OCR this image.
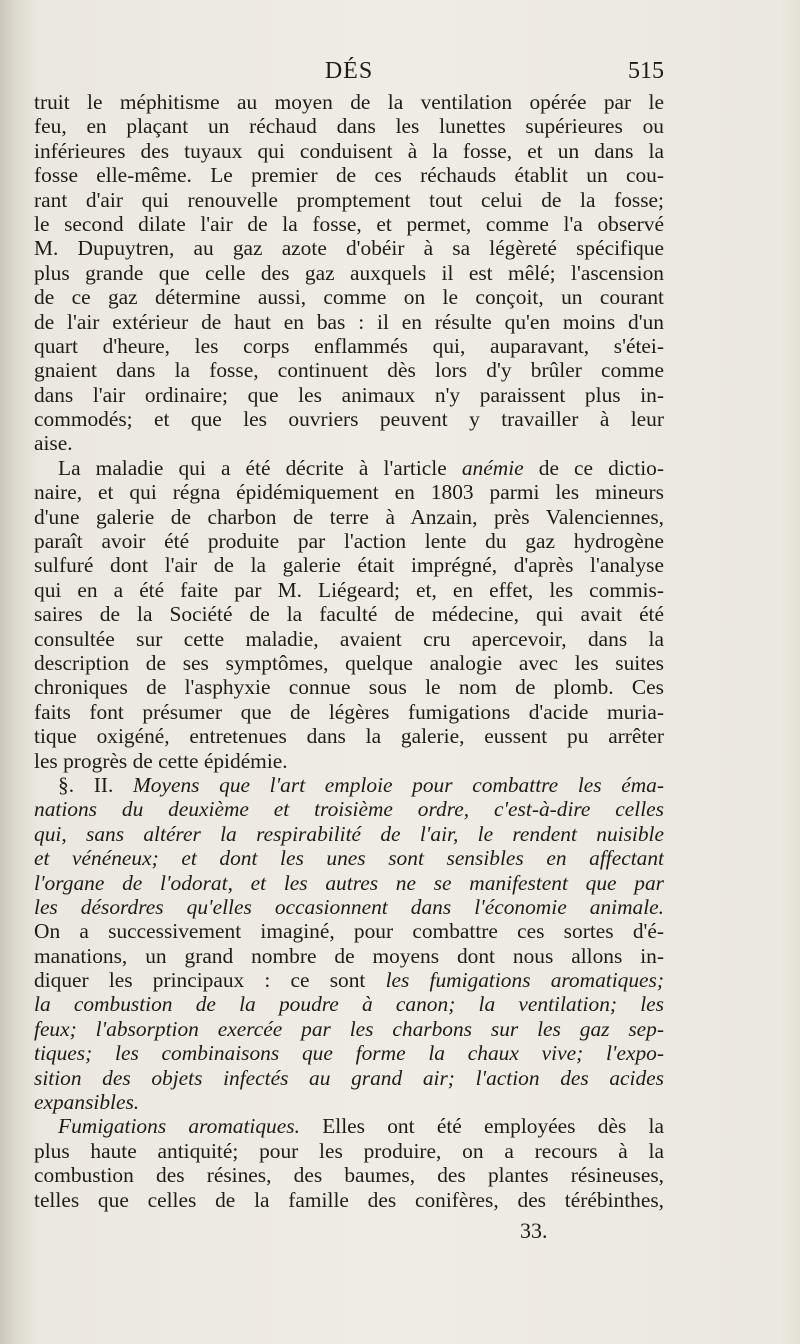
DÉS	515
truit le méphitisme au moyen de la ventilation opérée par le
feu, en plaçant un réchaud dans les lunettes supérieures ou
inférieures des tuyaux qui conduisent à la fosse, et un dans la
fosse elle-même. Le premier de ces réchauds établit un cou-
rant d'air qui renouvelle promptement tout celui de la fosse;
le second dilate l'air de la fosse, et permet, comme l'a observé
M. Dupuytren, au gaz azote d'obéir à sa légèreté spécifique
plus grande que celle des gaz auxquels il est mêlé; l'ascension
de ce gaz détermine aussi, comme on le conçoit, un courant
de l'air extérieur de haut en bas : il en résulte qu'en moins d'un
quart d'heure, les corps enflammés qui, auparavant, s'étei-
gnaient dans la fosse, continuent dès lors d'y brûler comme
dans l'air ordinaire; que les animaux n'y paraissent plus in-
commodés; et que les ouvriers peuvent y travailler à leur
aise.
La maladie qui a été décrite à l'article anémie de ce dictio-
naire, et qui régna épidémiquement en 1803 parmi les mineurs
d'une galerie de charbon de terre à Anzain, près Valenciennes,
paraît avoir été produite par l'action lente du gaz hydrogène
sulfuré dont l'air de la galerie était imprégné, d'après l'analyse
qui en a été faite par M. Liégeard; et, en effet, les commis-
saires de la Société de la faculté de médecine, qui avait été
consultée sur cette maladie, avaient cru apercevoir, dans la
description de ses symptômes, quelque analogie avec les suites
chroniques de l'asphyxie connue sous le nom de plomb. Ces
faits font présumer que de légères fumigations d'acide muria-
tique oxigéné, entretenues dans la galerie, eussent pu arrêter
les progrès de cette épidémie.
§. II. Moyens que l'art emploie pour combattre les éma-
nations du deuxième et troisième ordre, c'est-à-dire celles
qui, sans altérer la respirabilité de l'air, le rendent nuisible
et vénéneux; et dont les unes sont sensibles en affectant
l'organe de l'odorat, et les autres ne se manifestent que par
les désordres qu'elles occasionnent dans l'économie animale.
On a successivement imaginé, pour combattre ces sortes d'é-
manations, un grand nombre de moyens dont nous allons in-
diquer les principaux : ce sont les fumigations aromatiques;
la combustion de la poudre à canon; la ventilation; les
feux; l'absorption exercée par les charbons sur les gaz sep-
tiques; les combinaisons que forme la chaux vive; l'expo-
sition des objets infectés au grand air; l'action des acides
expansibles.
Fumigations aromatiques. Elles ont été employées dès la
plus haute antiquité; pour les produire, on a recours à la
combustion des résines, des baumes, des plantes résineuses,
telles que celles de la famille des conifères, des térébinthes,
33.
